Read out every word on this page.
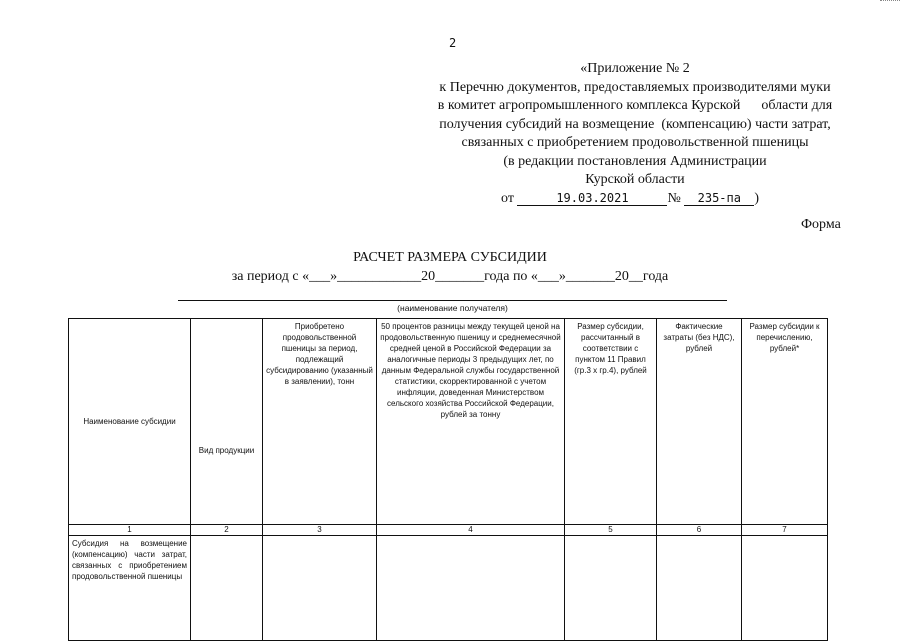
2
«Приложение № 2
к Перечню документов, предоставляемых производителями муки
в комитет агропромышленного комплекса Курской      области для
получения субсидий на возмещение  (компенсацию) части затрат,
связанных с приобретением продовольственной пшеницы
(в редакции постановления Администрации
Курской области
от	19.03.2021	№ 235-па )
Форма
РАСЧЕТ РАЗМЕРА СУБСИДИИ
за период с «___»____________20_______года по «___»_______20__года
(наименование получателя)
Наименование субсидии	Вид продукции	Приобретено продовольственной пшеницы за период, подлежащий субсидированию (указанный в заявлении), тонн	50 процентов разницы между текущей ценой на продовольственную пшеницу и среднемесячной средней ценой в Российской Федерации за аналогичные периоды 3 предыдущих лет, по данным Федеральной службы государственной статистики, скорректированной с учетом инфляции, доведенная Министерством сельского хозяйства Российской Федерации, рублей за тонну	Размер субсидии, рассчитанный в соответствии с пунктом 11 Правил (гр.3 х гр.4), рублей	Фактические затраты (без НДС), рублей	Размер субсидии к перечислению, рублей*
1	2	3	4	5	6	7
Субсидия на возмещение (компенсацию) части затрат, связанных с приобретением продовольственной пшеницы						
